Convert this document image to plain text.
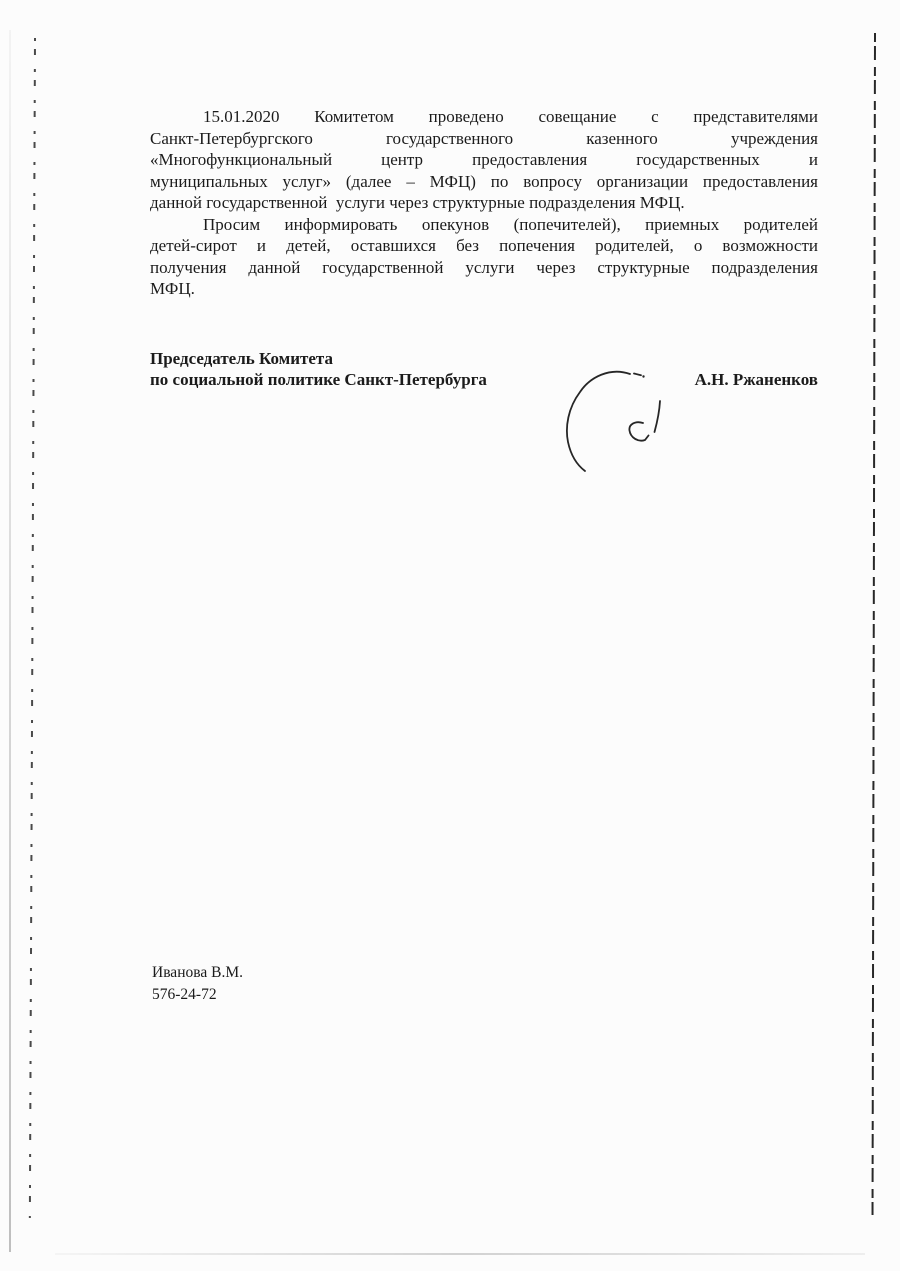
15.01.2020 Комитетом проведено совещание с представителями
Санкт-Петербургского государственного казенного учреждения
«Многофункциональный центр предоставления государственных и
муниципальных услуг» (далее – МФЦ) по вопросу организации предоставления
данной государственной  услуги через структурные подразделения МФЦ.
Просим информировать опекунов (попечителей), приемных родителей
детей-сирот и детей, оставшихся без попечения родителей, о возможности
получения данной государственной услуги через структурные подразделения
МФЦ.
Председатель Комитета
по социальной политике Санкт-Петербурга	А.Н. Ржаненков
Иванова В.М.
576-24-72
